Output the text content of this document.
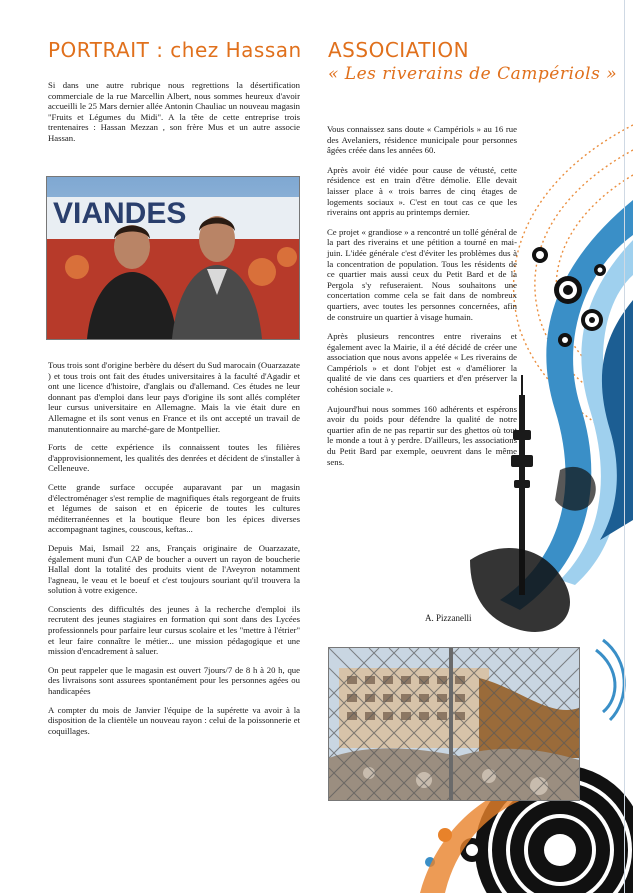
PORTRAIT : chez Hassan

Si dans une autre rubrique nous regrettions la désertification commerciale de la rue Marcellin Albert, nous sommes heureux d'avoir accueilli le 25 Mars dernier allée Antonin Chauliac un nouveau magasin "Fruits et Légumes du Midi". A la tête de cette entreprise trois trentenaires : Hassan Mezzan , son frère Mus et un autre associe Hassan.

VIANDES

Tous trois sont d'origine berbère du désert du Sud marocain (Ouarzazate ) et tous trois ont fait des études universitaires à la faculté d'Agadir et ont une licence d'histoire, d'anglais ou d'allemand. Ces études ne leur donnant pas d'emploi dans leur pays d'origine ils sont allés compléter leur cursus universitaire en Allemagne. Mais la vie était dure en Allemagne et ils sont venus en France et ils ont accepté un travail de manutentionnaire au marché-gare de Montpellier.

Forts de cette expérience ils connaissent toutes les filières d'approvisionnement, les qualités des denrées et décident de s'installer à Celleneuve.

Cette grande surface occupée auparavant par un magasin d'électroménager s'est remplie de magnifiques étals regorgeant de fruits et légumes de saison et en épicerie de toutes les cultures méditerranéennes et la boutique fleure bon les épices diverses accompagnant tagines, couscous, keftas...

Depuis Mai, Ismail 22 ans, Français originaire de Ouarzazate, également muni d'un CAP de boucher a ouvert un rayon de boucherie Hallal dont la totalité des produits vient de l'Aveyron notamment l'agneau, le veau et le boeuf et c'est toujours souriant qu'il trouvera la solution à votre exigence.

Conscients des difficultés des jeunes à la recherche d'emploi ils recrutent des jeunes stagiaires en formation qui sont dans des Lycées professionnels pour parfaire leur cursus scolaire et les "mettre à l'étrier" et leur faire connaître le métier... une mission pédagogique et une mission d'encadrement à saluer.

On peut rappeler que le magasin est ouvert 7jours/7 de 8 h à 20 h, que des livraisons sont assurees spontanément pour les personnes agées ou handicapées

A compter du mois de Janvier l'équipe de la supérette va avoir à la disposition de la clientèle un nouveau rayon : celui de la poissonnerie et coquillages.

ASSOCIATION
« Les riverains de Campériols »

Vous connaissez sans doute « Campériols » au 16 rue des Avelaniers, résidence municipale pour personnes âgées créée dans les années 60.

Après avoir été vidée pour cause de vétusté, cette résidence est en train d'être démolie. Elle devait laisser place à « trois barres de cinq étages de logements sociaux ». C'est en tout cas ce que les riverains ont appris au printemps dernier.

Ce projet « grandiose » a rencontré un tollé général de la part des riverains et une pétition a tourné en mai-juin. L'idée générale c'est d'éviter les problèmes dus à la concentration de population. Tous les résidents de ce quartier mais aussi ceux du Petit Bard et de la Pergola s'y refuseraient. Nous souhaitons une concertation comme cela se fait dans de nombreux quartiers, avec toutes les personnes concernées, afin de construire un quartier à visage humain.

Après plusieurs rencontres entre riverains et également avec la Mairie, il a été décidé de créer une association que nous avons appelée « Les riverains de Campériols » et dont l'objet est « d'améliorer la qualité de vie dans ces quartiers et d'en préserver la cohésion sociale ».

Aujourd'hui nous sommes 160 adhérents et espérons avoir du poids pour défendre la qualité de notre quartier afin de ne pas repartir sur des ghettos où tout le monde a tout à y perdre. D'ailleurs, les associations du Petit Bard par exemple, oeuvrent dans le même sens.

A. Pizzanelli
